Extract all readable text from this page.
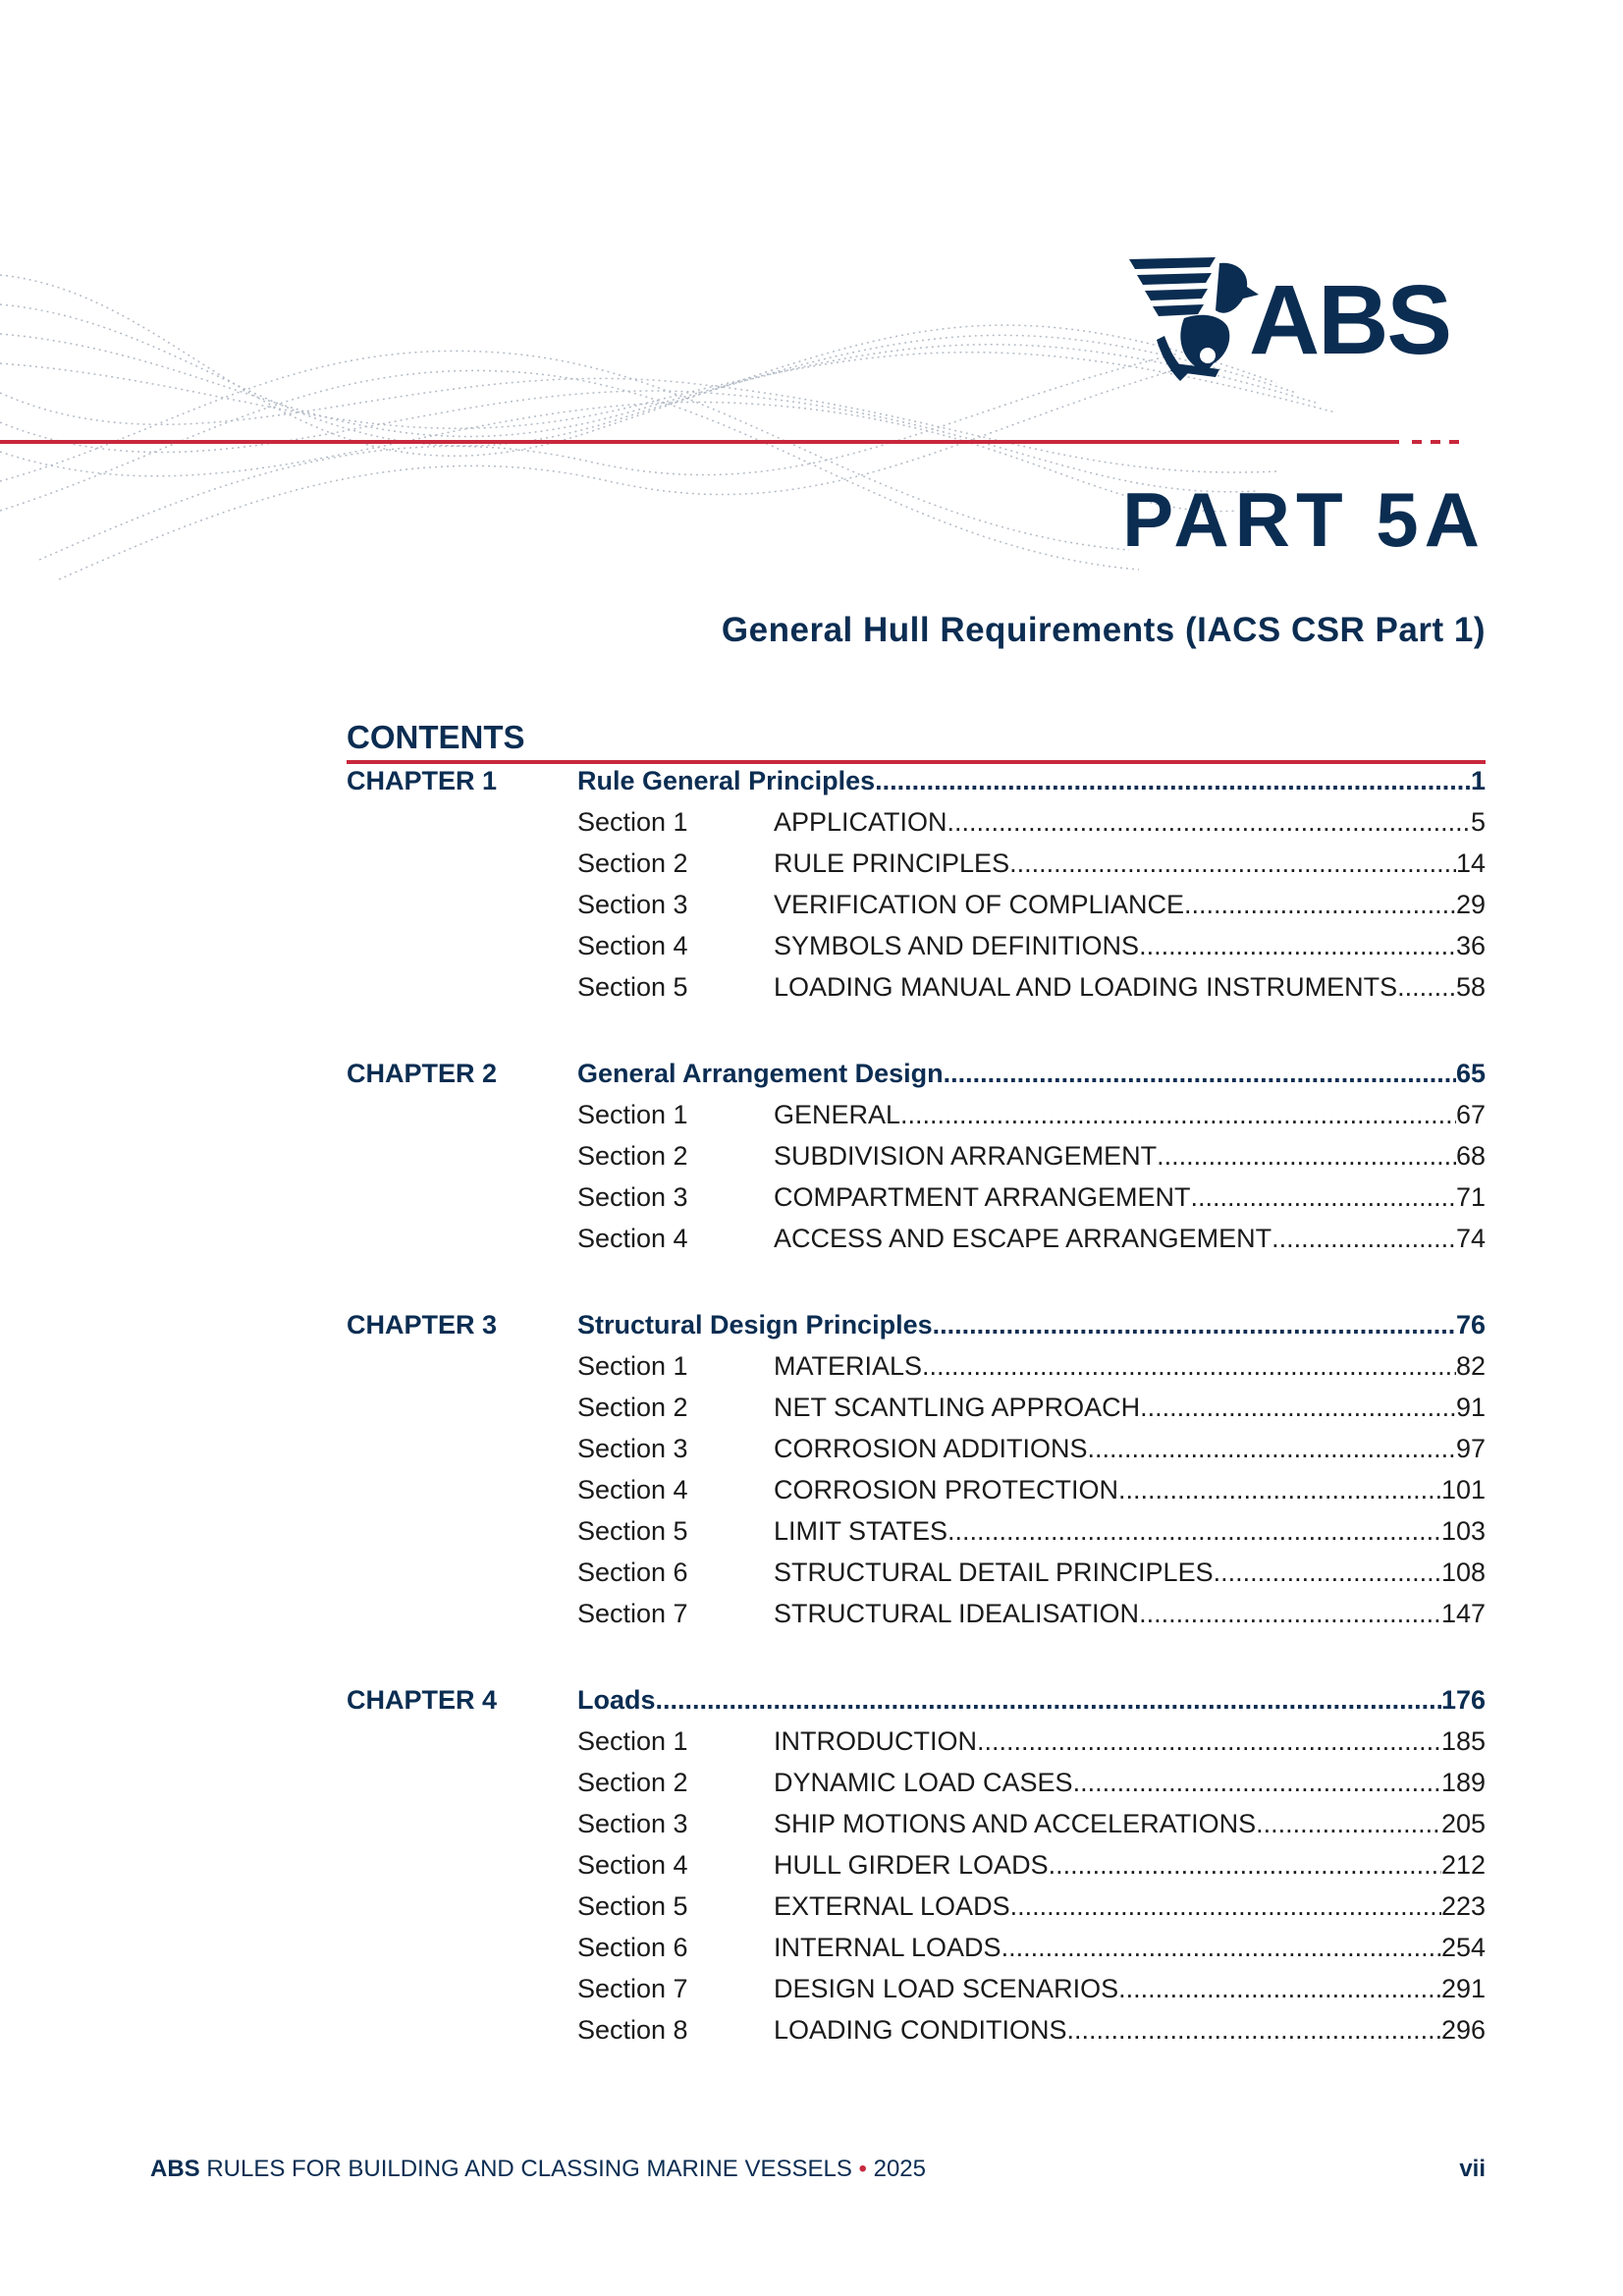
ABS
PART 5A
General Hull Requirements (IACS CSR Part 1)
CONTENTS
CHAPTER 1	Rule General Principles .....	1
Section 1	APPLICATION .....	5
Section 2	RULE PRINCIPLES .....	14
Section 3	VERIFICATION OF COMPLIANCE .....	29
Section 4	SYMBOLS AND DEFINITIONS .....	36
Section 5	LOADING MANUAL AND LOADING INSTRUMENTS ..... 58
CHAPTER 2	General Arrangement Design .....	65
Section 1	GENERAL .....	67
Section 2	SUBDIVISION ARRANGEMENT .....	68
Section 3	COMPARTMENT ARRANGEMENT .....	71
Section 4	ACCESS AND ESCAPE ARRANGEMENT .....	74
CHAPTER 3	Structural Design Principles .....	76
Section 1	MATERIALS .....	82
Section 2	NET SCANTLING APPROACH .....	91
Section 3	CORROSION ADDITIONS .....	97
Section 4	CORROSION PROTECTION .....	101
Section 5	LIMIT STATES .....	103
Section 6	STRUCTURAL DETAIL PRINCIPLES .....	108
Section 7	STRUCTURAL IDEALISATION .....	147
CHAPTER 4	Loads .....	176
Section 1	INTRODUCTION .....	185
Section 2	DYNAMIC LOAD CASES .....	189
Section 3	SHIP MOTIONS AND ACCELERATIONS .....	205
Section 4	HULL GIRDER LOADS .....	212
Section 5	EXTERNAL LOADS .....	223
Section 6	INTERNAL LOADS .....	254
Section 7	DESIGN LOAD SCENARIOS .....	291
Section 8	LOADING CONDITIONS .....	296
ABS RULES FOR BUILDING AND CLASSING MARINE VESSELS • 2025	vii
